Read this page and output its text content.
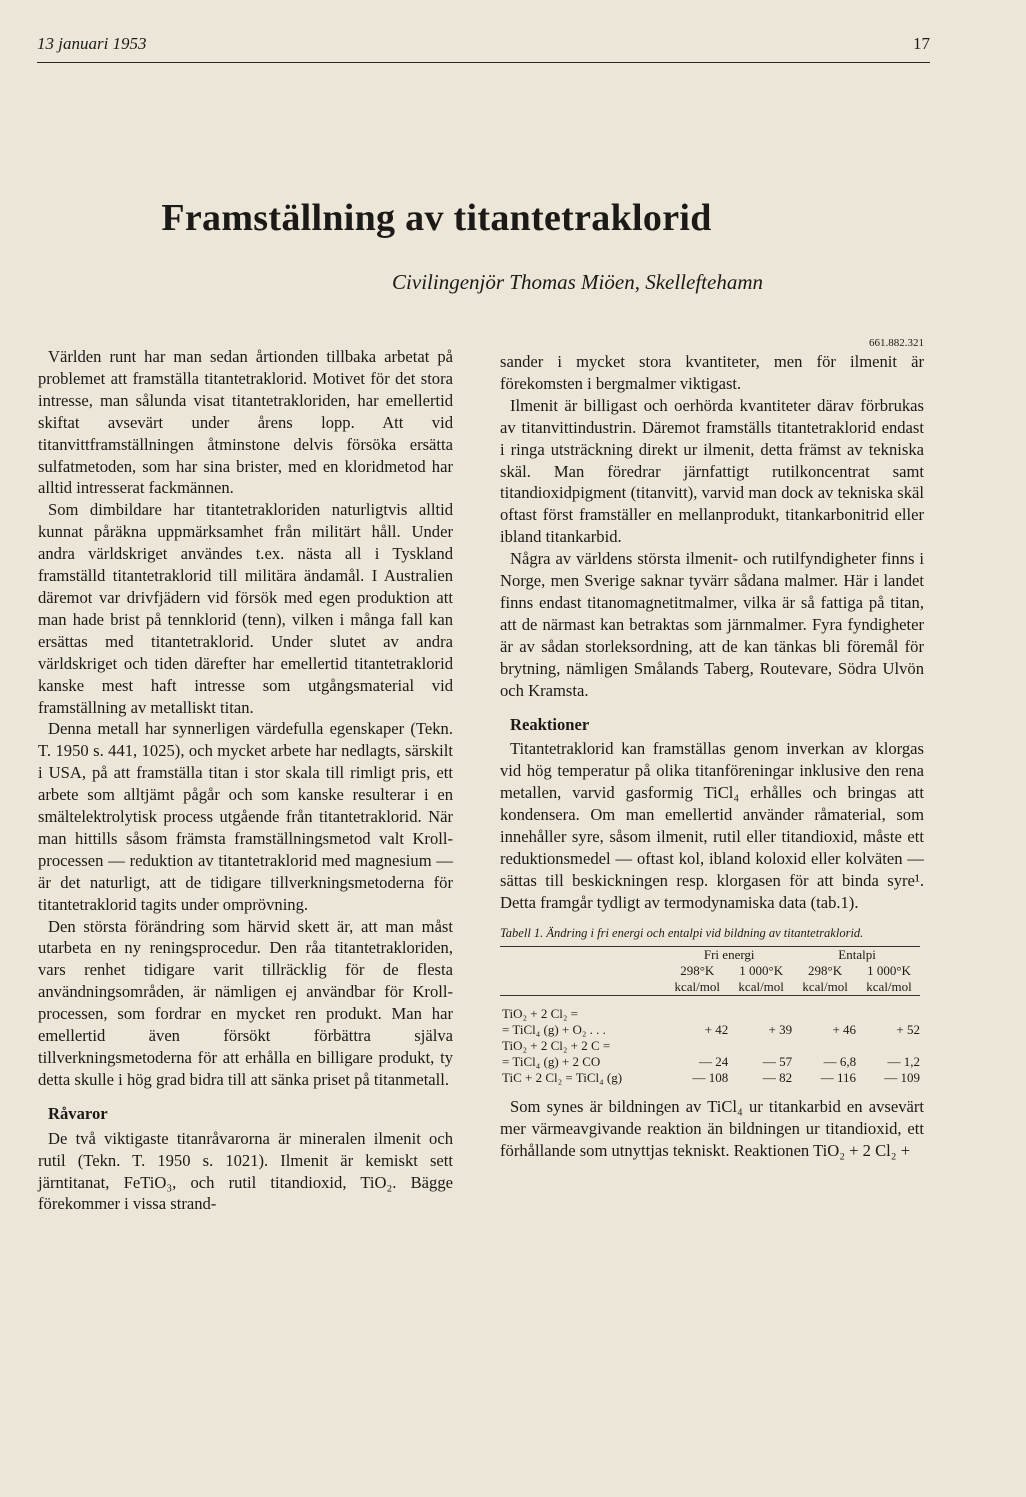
13 januari 1953	17
Framställning av titantetraklorid

Civilingenjör Thomas Miöen, Skelleftehamn

Världen runt har man sedan årtionden tillbaka arbetat på problemet att framställa titantetraklorid. Motivet för det stora intresse, man sålunda visat titantetrakloriden, har emellertid skiftat avsevärt under årens lopp. Att vid titanvittframställningen åtminstone delvis försöka ersätta sulfatmetoden, som har sina brister, med en kloridmetod har alltid intresserat fackmännen.

Som dimbildare har titantetrakloriden naturligtvis alltid kunnat påräkna uppmärksamhet från militärt håll. Under andra världskriget användes t.ex. nästa all i Tyskland framställd titantetraklorid till militära ändamål. I Australien däremot var drivfjädern vid försök med egen produktion att man hade brist på tennklorid (tenn), vilken i många fall kan ersättas med titantetraklorid. Under slutet av andra världskriget och tiden därefter har emellertid titantetraklorid kanske mest haft intresse som utgångsmaterial vid framställning av metalliskt titan.

Denna metall har synnerligen värdefulla egenskaper (Tekn. T. 1950 s. 441, 1025), och mycket arbete har nedlagts, särskilt i USA, på att framställa titan i stor skala till rimligt pris, ett arbete som alltjämt pågår och som kanske resulterar i en smältelektrolytisk process utgående från titantetraklorid. När man hittills såsom främsta framställningsmetod valt Kroll-processen — reduktion av titantetraklorid med magnesium — är det naturligt, att de tidigare tillverkningsmetoderna för titantetraklorid tagits under omprövning.

Den största förändring som härvid skett är, att man måst utarbeta en ny reningsprocedur. Den råa titantetrakloriden, vars renhet tidigare varit tillräcklig för de flesta användningsområden, är nämligen ej användbar för Kroll-processen, som fordrar en mycket ren produkt. Man har emellertid även försökt förbättra själva tillverkningsmetoderna för att erhålla en billigare produkt, ty detta skulle i hög grad bidra till att sänka priset på titanmetall.

Råvaror

De två viktigaste titanråvarorna är mineralen ilmenit och rutil (Tekn. T. 1950 s. 1021). Ilmenit är kemiskt sett järntitanat, FeTiO₃, och rutil titandioxid, TiO₂. Bägge förekommer i vissa strand-

661.882.321

sander i mycket stora kvantiteter, men för ilmenit är förekomsten i bergmalmer viktigast.

Ilmenit är billigast och oerhörda kvantiteter därav förbrukas av titanvittindustrin. Däremot framställs titantetraklorid endast i ringa utsträckning direkt ur ilmenit, detta främst av tekniska skäl. Man föredrar järnfattigt rutilkoncentrat samt titandioxidpigment (titanvitt), varvid man dock av tekniska skäl oftast först framställer en mellanprodukt, titankarbonitrid eller ibland titankarbid.

Några av världens största ilmenit- och rutilfyndigheter finns i Norge, men Sverige saknar tyvärr sådana malmer. Här i landet finns endast titanomagnetitmalmer, vilka är så fattiga på titan, att de närmast kan betraktas som järnmalmer. Fyra fyndigheter är av sådan storleksordning, att de kan tänkas bli föremål för brytning, nämligen Smålands Taberg, Routevare, Södra Ulvön och Kramsta.

Reaktioner

Titantetraklorid kan framställas genom inverkan av klorgas vid hög temperatur på olika titanföreningar inklusive den rena metallen, varvid gasformig TiCl₄ erhålles och bringas att kondensera. Om man emellertid använder råmaterial, som innehåller syre, såsom ilmenit, rutil eller titandioxid, måste ett reduktionsmedel — oftast kol, ibland koloxid eller kolväten — sättas till beskickningen resp. klorgasen för att binda syre¹. Detta framgår tydligt av termodynamiska data (tab.1).

Tabell 1. Ändring i fri energi och entalpi vid bildning av titantetraklorid.
	Fri energi		Entalpi	
	298°K	1 000°K	298°K	1 000°K
	kcal/mol	kcal/mol	kcal/mol	kcal/mol
TiO₂ + 2 Cl₂ =				
= TiCl₄ (g) + O₂ . . .	+ 42	+ 39	+ 46	+ 52
TiO₂ + 2 Cl₂ + 2 C =				
= TiCl₄ (g) + 2 CO	— 24	— 57	— 6,8	— 1,2
TiC + 2 Cl₂ = TiCl₄ (g)	— 108	— 82	— 116	— 109

Som synes är bildningen av TiCl₄ ur titankarbid en avsevärt mer värmeavgivande reaktion än bildningen ur titandioxid, ett förhållande som utnyttjas tekniskt. Reaktionen TiO₂ + 2 Cl₂ +
